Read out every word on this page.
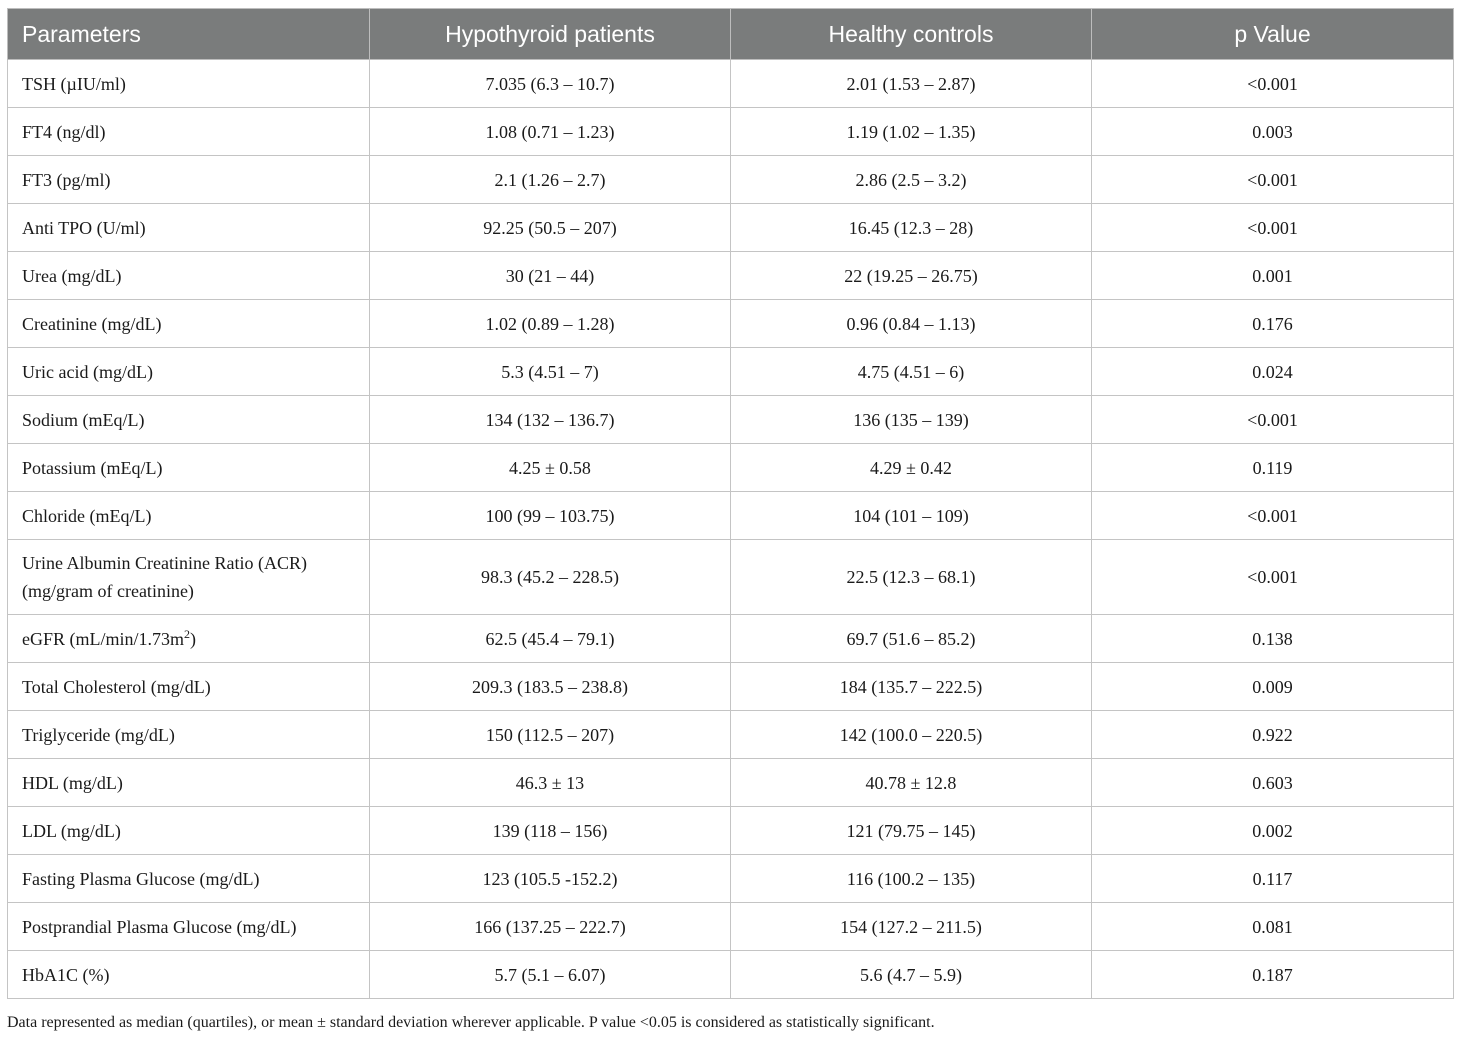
Parameters	Hypothyroid patients	Healthy controls	p Value
TSH (µIU/ml)	7.035 (6.3 – 10.7)	2.01 (1.53 – 2.87)	<0.001
FT4 (ng/dl)	1.08 (0.71 – 1.23)	1.19 (1.02 – 1.35)	0.003
FT3 (pg/ml)	2.1 (1.26 – 2.7)	2.86 (2.5 – 3.2)	<0.001
Anti TPO (U/ml)	92.25 (50.5 – 207)	16.45 (12.3 – 28)	<0.001
Urea (mg/dL)	30 (21 – 44)	22 (19.25 – 26.75)	0.001
Creatinine (mg/dL)	1.02 (0.89 – 1.28)	0.96 (0.84 – 1.13)	0.176
Uric acid (mg/dL)	5.3 (4.51 – 7)	4.75 (4.51 – 6)	0.024
Sodium (mEq/L)	134 (132 – 136.7)	136 (135 – 139)	<0.001
Potassium (mEq/L)	4.25 ± 0.58	4.29 ± 0.42	0.119
Chloride (mEq/L)	100 (99 – 103.75)	104 (101 – 109)	<0.001
Urine Albumin Creatinine Ratio (ACR) (mg/gram of creatinine)	98.3 (45.2 – 228.5)	22.5 (12.3 – 68.1)	<0.001
eGFR $(mL/\min/1.73m^2)$	62.5 (45.4 – 79.1)	69.7 (51.6 – 85.2)	0.138
Total Cholesterol (mg/dL)	209.3 (183.5 – 238.8)	184 (135.7 – 222.5)	0.009
Triglyceride (mg/dL)	150 (112.5 – 207)	142 (100.0 – 220.5)	0.922
HDL (mg/dL)	46.3 ± 13	40.78 ± 12.8	0.603
LDL (mg/dL)	139 (118 – 156)	121 (79.75 – 145)	0.002
Fasting Plasma Glucose (mg/dL)	123 (105.5 -152.2)	116 (100.2 – 135)	0.117
Postprandial Plasma Glucose (mg/dL)	166 (137.25 – 222.7)	154 (127.2 – 211.5)	0.081
HbA1C (%)	5.7 (5.1 – 6.07)	5.6 (4.7 – 5.9)	0.187
Data represented as median (quartiles), or mean ± standard deviation wherever applicable. P value <0.05 is considered as statistically significant.
